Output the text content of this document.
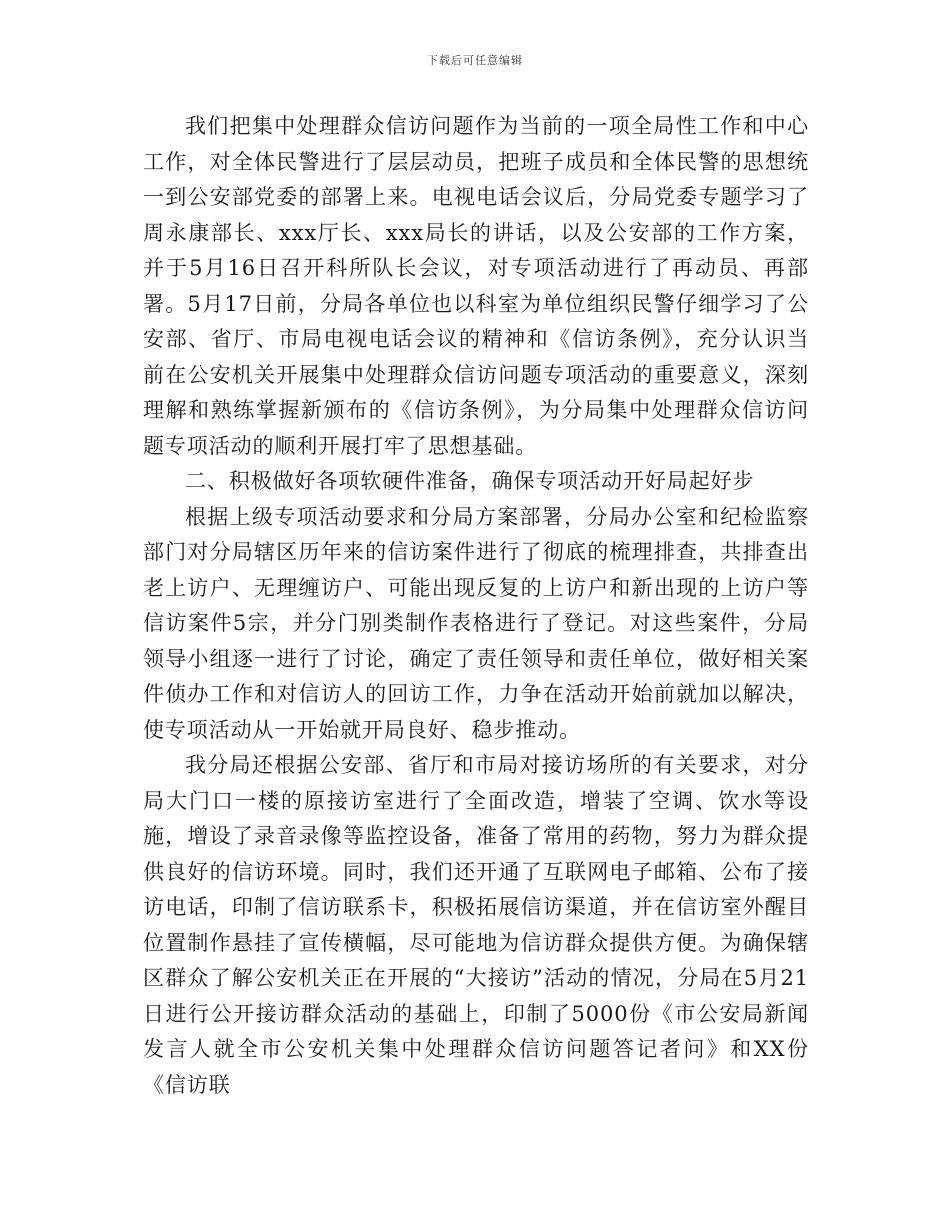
下载后可任意编辑

我们把集中处理群众信访问题作为当前的一项全局性工作和中心工作，对全体民警进行了层层动员，把班子成员和全体民警的思想统一到公安部党委的部署上来。电视电话会议后，分局党委专题学习了周永康部长、xxx厅长、xxx局长的讲话，以及公安部的工作方案，并于5月16日召开科所队长会议，对专项活动进行了再动员、再部署。5月17日前，分局各单位也以科室为单位组织民警仔细学习了公安部、省厅、市局电视电话会议的精神和《信访条例》，充分认识当前在公安机关开展集中处理群众信访问题专项活动的重要意义，深刻理解和熟练掌握新颁布的《信访条例》，为分局集中处理群众信访问题专项活动的顺利开展打牢了思想基础。

二、积极做好各项软硬件准备，确保专项活动开好局起好步

根据上级专项活动要求和分局方案部署，分局办公室和纪检监察部门对分局辖区历年来的信访案件进行了彻底的梳理排查，共排查出老上访户、无理缠访户、可能出现反复的上访户和新出现的上访户等信访案件5宗，并分门别类制作表格进行了登记。对这些案件，分局领导小组逐一进行了讨论，确定了责任领导和责任单位，做好相关案件侦办工作和对信访人的回访工作，力争在活动开始前就加以解决，使专项活动从一开始就开局良好、稳步推动。

我分局还根据公安部、省厅和市局对接访场所的有关要求，对分局大门口一楼的原接访室进行了全面改造，增装了空调、饮水等设施，增设了录音录像等监控设备，准备了常用的药物，努力为群众提供良好的信访环境。同时，我们还开通了互联网电子邮箱、公布了接访电话，印制了信访联系卡，积极拓展信访渠道，并在信访室外醒目位置制作悬挂了宣传横幅，尽可能地为信访群众提供方便。为确保辖区群众了解公安机关正在开展的“大接访”活动的情况，分局在5月21日进行公开接访群众活动的基础上，印制了5000份《市公安局新闻发言人就全市公安机关集中处理群众信访问题答记者问》和XX份《信访联
